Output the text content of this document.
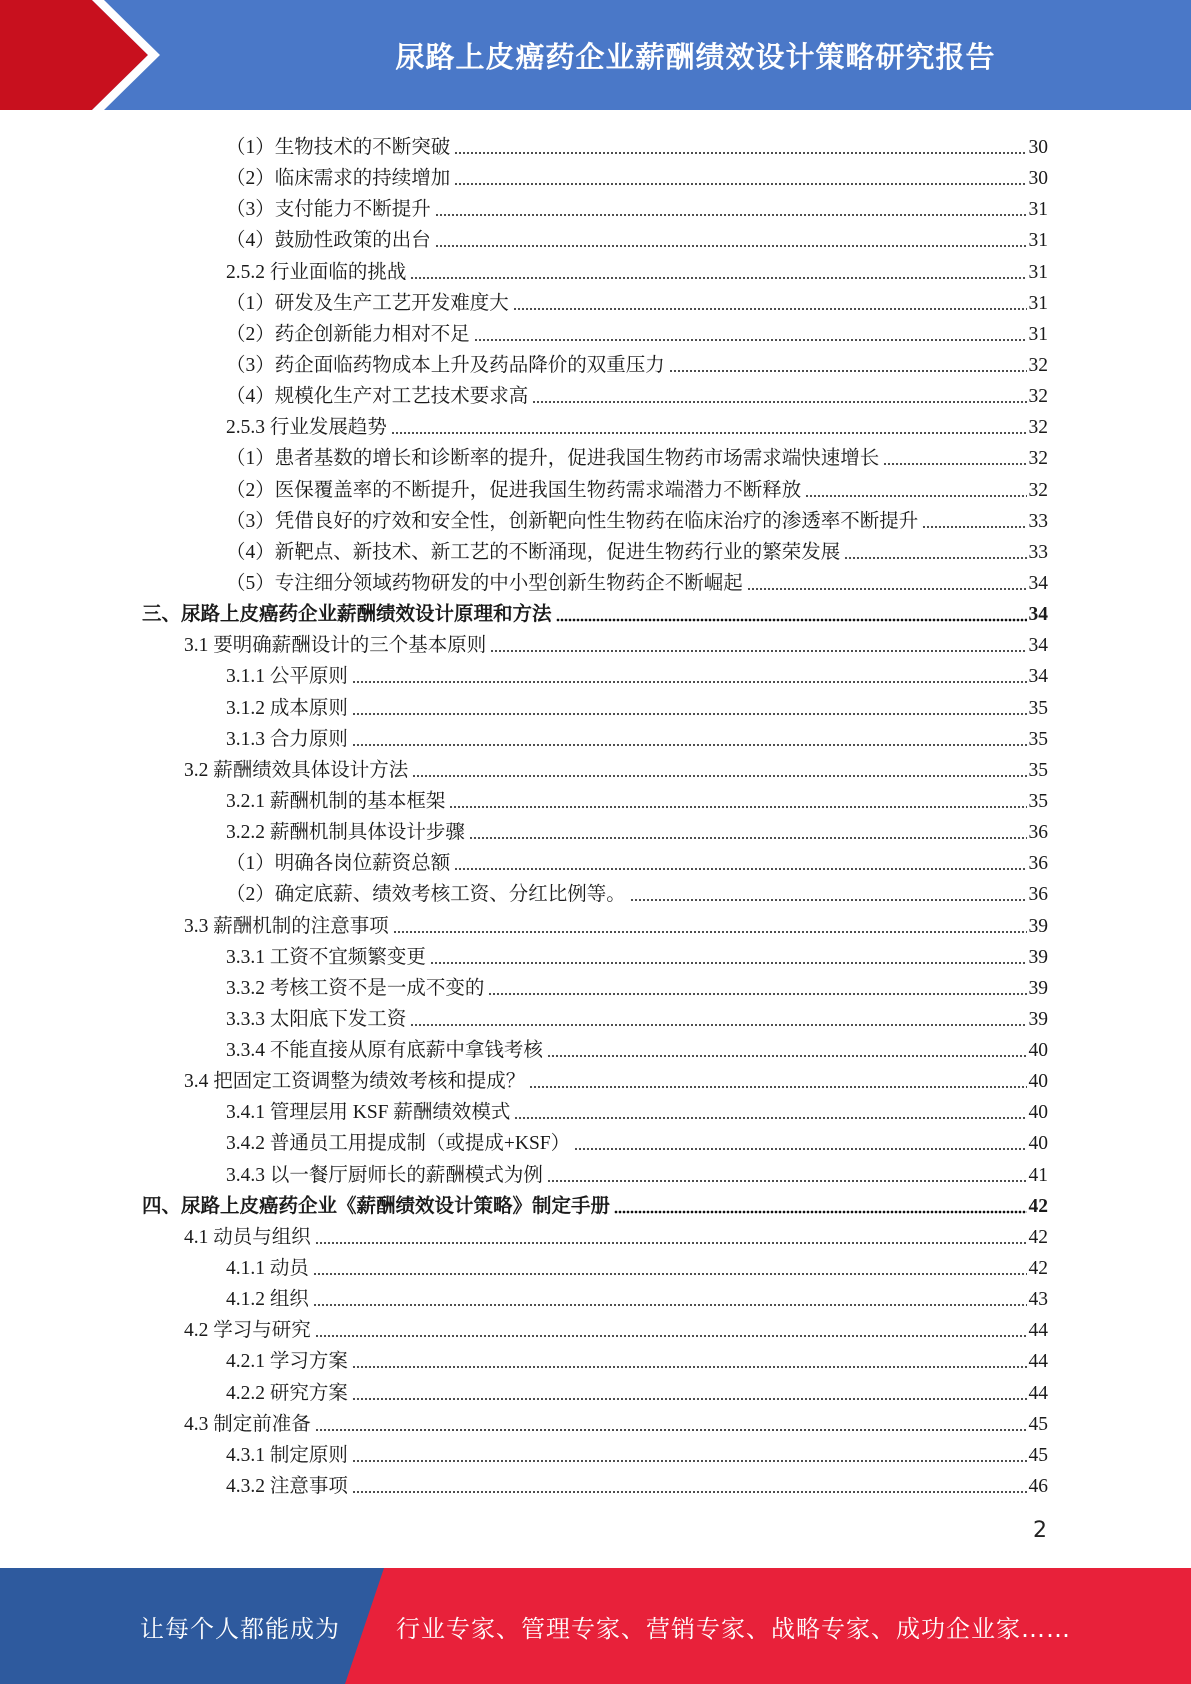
尿路上皮癌药企业薪酬绩效设计策略研究报告
（1）生物技术的不断突破	30
（2）临床需求的持续增加	30
（3）支付能力不断提升	31
（4）鼓励性政策的出台	31
2.5.2 行业面临的挑战	31
（1）研发及生产工艺开发难度大	31
（2）药企创新能力相对不足	31
（3）药企面临药物成本上升及药品降价的双重压力	32
（4）规模化生产对工艺技术要求高	32
2.5.3 行业发展趋势	32
（1）患者基数的增长和诊断率的提升，促进我国生物药市场需求端快速增长	32
（2）医保覆盖率的不断提升，促进我国生物药需求端潜力不断释放	32
（3）凭借良好的疗效和安全性，创新靶向性生物药在临床治疗的渗透率不断提升	33
（4）新靶点、新技术、新工艺的不断涌现，促进生物药行业的繁荣发展	33
（5）专注细分领域药物研发的中小型创新生物药企不断崛起	34
三、尿路上皮癌药企业薪酬绩效设计原理和方法	34
3.1 要明确薪酬设计的三个基本原则	34
3.1.1 公平原则	34
3.1.2 成本原则	35
3.1.3 合力原则	35
3.2 薪酬绩效具体设计方法	35
3.2.1 薪酬机制的基本框架	35
3.2.2 薪酬机制具体设计步骤	36
（1）明确各岗位薪资总额	36
（2）确定底薪、绩效考核工资、分红比例等。	36
3.3 薪酬机制的注意事项	39
3.3.1 工资不宜频繁变更	39
3.3.2 考核工资不是一成不变的	39
3.3.3 太阳底下发工资	39
3.3.4 不能直接从原有底薪中拿钱考核	40
3.4 把固定工资调整为绩效考核和提成？	40
3.4.1 管理层用 KSF 薪酬绩效模式	40
3.4.2 普通员工用提成制（或提成+KSF）	40
3.4.3 以一餐厅厨师长的薪酬模式为例	41
四、尿路上皮癌药企业《薪酬绩效设计策略》制定手册	42
4.1 动员与组织	42
4.1.1 动员	42
4.1.2 组织	43
4.2 学习与研究	44
4.2.1 学习方案	44
4.2.2 研究方案	44
4.3 制定前准备	45
4.3.1 制定原则	45
4.3.2 注意事项	46
2
让每个人都能成为 行业专家、管理专家、营销专家、战略专家、成功企业家……
